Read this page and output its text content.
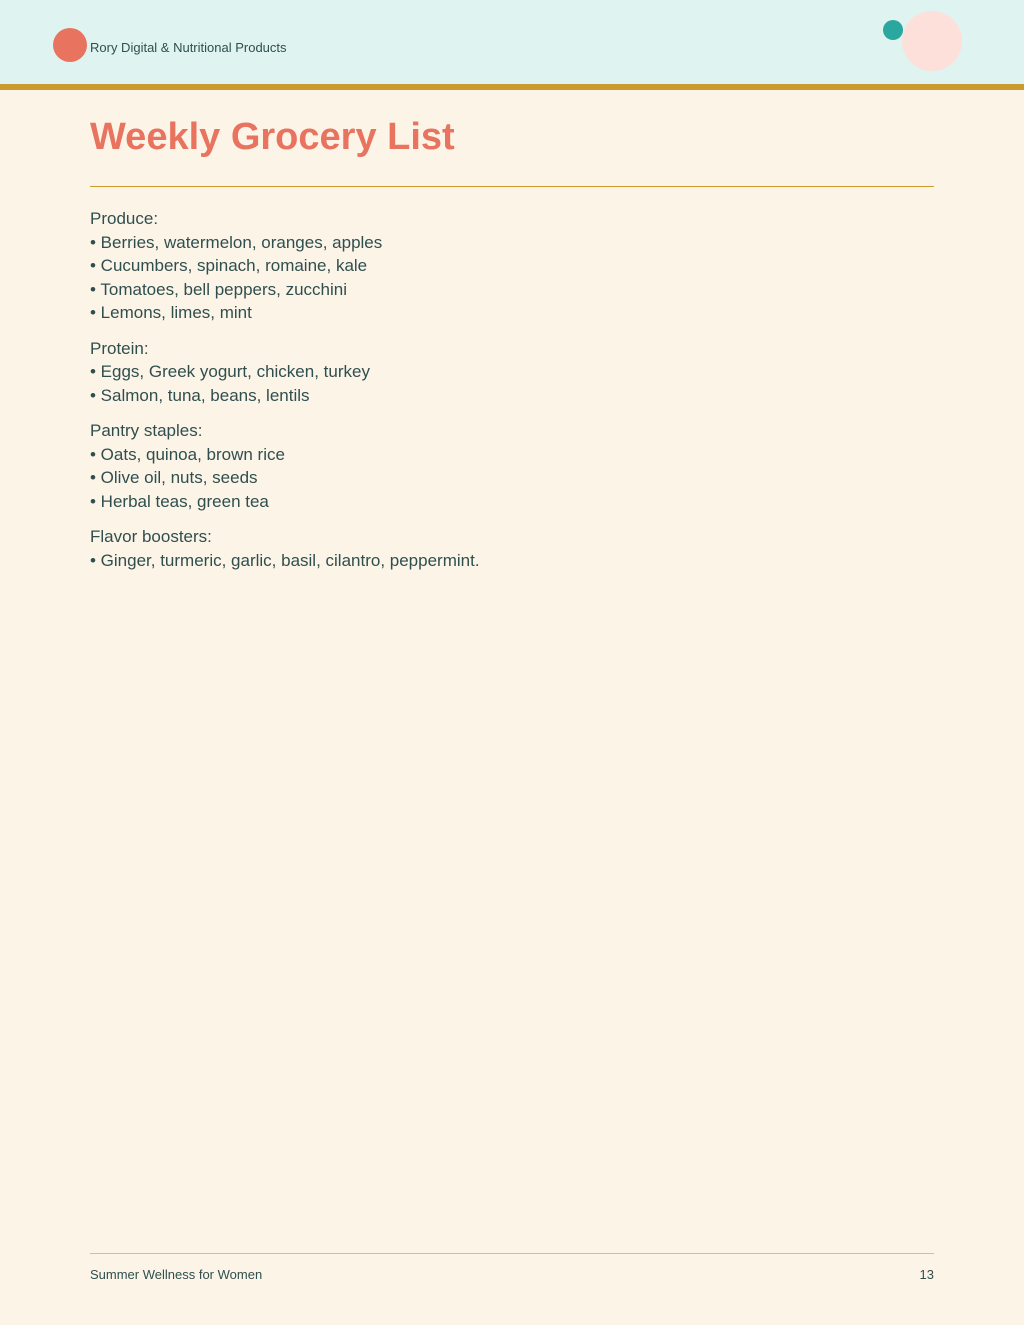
Rory Digital & Nutritional Products
Weekly Grocery List
Produce:
• Berries, watermelon, oranges, apples
• Cucumbers, spinach, romaine, kale
• Tomatoes, bell peppers, zucchini
• Lemons, limes, mint
Protein:
• Eggs, Greek yogurt, chicken, turkey
• Salmon, tuna, beans, lentils
Pantry staples:
• Oats, quinoa, brown rice
• Olive oil, nuts, seeds
• Herbal teas, green tea
Flavor boosters:
• Ginger, turmeric, garlic, basil, cilantro, peppermint.
Summer Wellness for Women	13
